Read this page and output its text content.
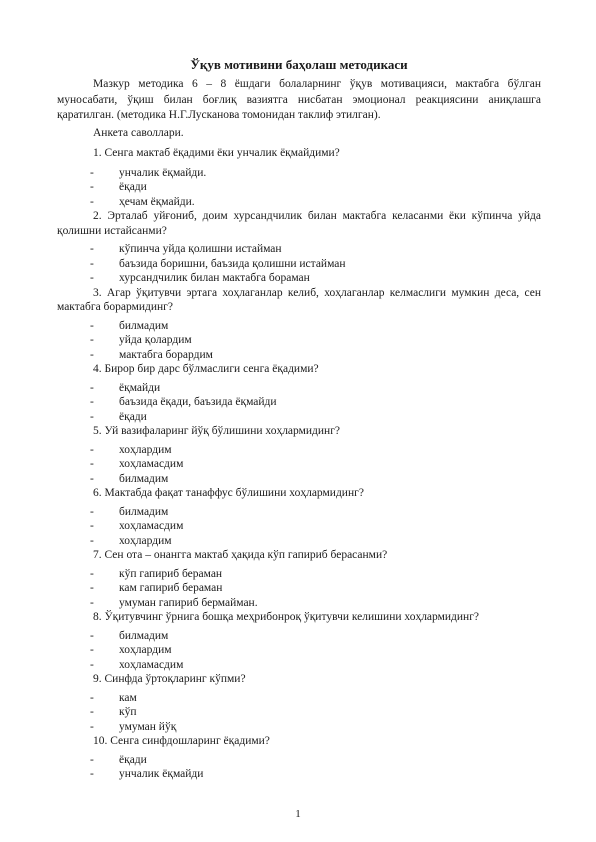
Ўқув мотивини баҳолаш методикаси

Мазкур методика 6 – 8 ёшдаги болаларнинг ўқув мотивацияси, мактабга бўлган муносабати, ўқиш билан боғлиқ вазиятга нисбатан эмоционал реакциясини аниқлашга қаратилган. (методика Н.Г.Лусканова томонидан таклиф этилган).

Анкета саволлари.

1. Сенга мактаб ёқадими ёки унчалик ёқмайдими?

- унчалик ёқмайди.
- ёқади
- ҳечам ёқмайди.

2. Эрталаб уйғониб, доим хурсандчилик билан мактабга келасанми ёки кўпинча уйда қолишни истайсанми?

- кўпинча уйда қолишни истайман
- баъзида боришни, баъзида қолишни истайман
- хурсандчилик билан мактабга бораман

3. Агар ўқитувчи эртага хоҳлаганлар келиб, хоҳлаганлар келмаслиги мумкин деса, сен мактабга борармидинг?

- билмадим
- уйда қолардим
- мактабга борардим

4. Бирор бир дарс бўлмаслиги сенга ёқадими?

- ёқмайди
- баъзида ёқади, баъзида ёқмайди
- ёқади

5. Уй вазифаларинг йўқ бўлишини хоҳлармидинг?

- хоҳлардим
- хоҳламасдим
- билмадим

6. Мактабда фақат танаффус бўлишини хоҳлармидинг?

- билмадим
- хоҳламасдим
- хоҳлардим

7. Сен ота – онангга мактаб ҳақида кўп гапириб берасанми?

- кўп гапириб бераман
- кам гапириб бераман
- умуман гапириб бермайман.

8. Ўқитувчинг ўрнига бошқа меҳрибонроқ ўқитувчи келишини хоҳлармидинг?

- билмадим
- хоҳлардим
- хоҳламасдим

9. Синфда ўртоқларинг кўпми?

- кам
- кўп
- умуман йўқ

10. Сенга синфдошларинг ёқадими?

- ёқади
- унчалик ёқмайди
1
